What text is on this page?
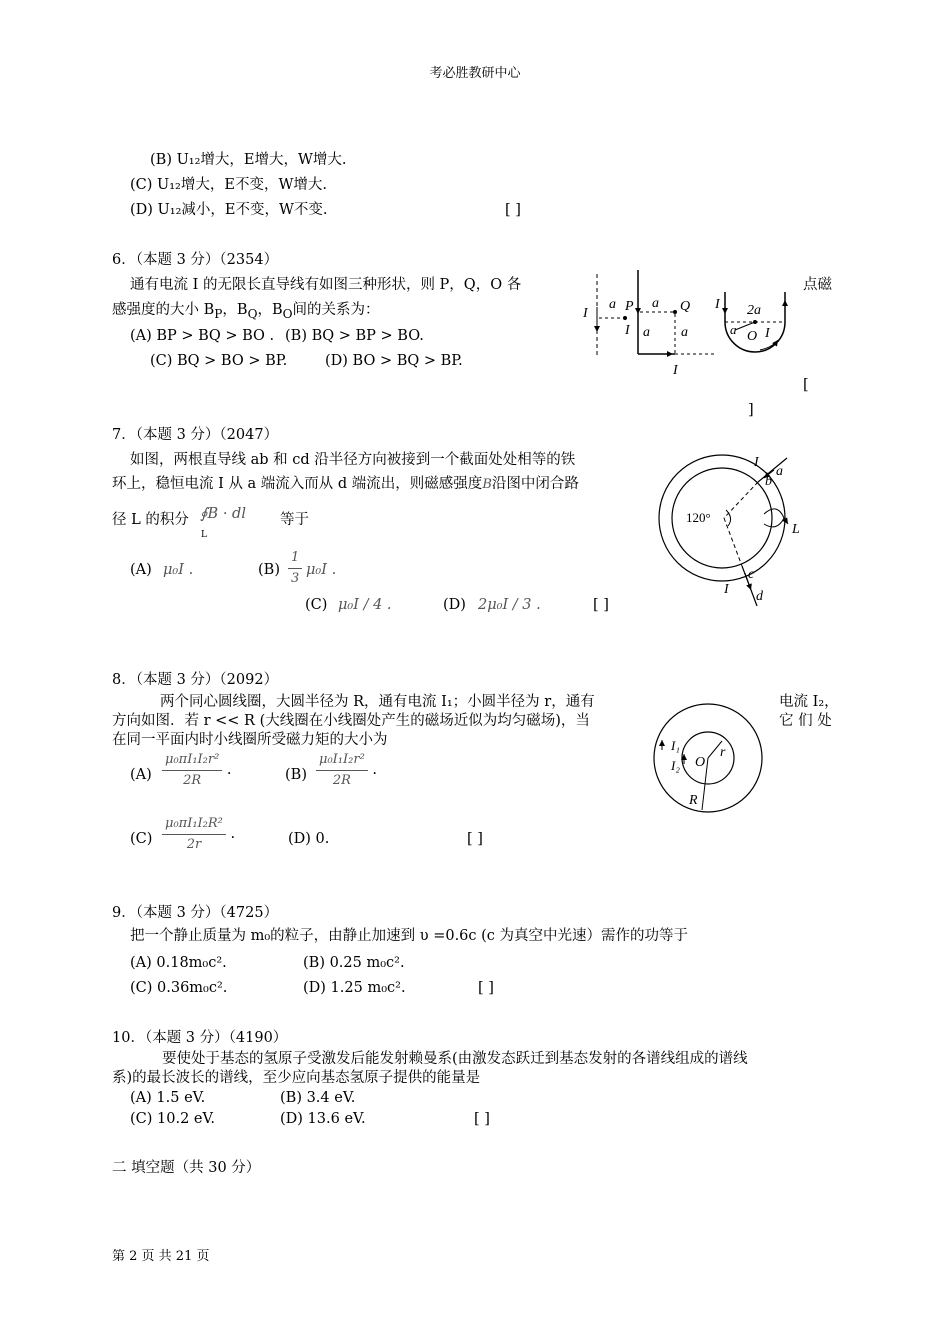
考必胜教研中心
(B) U₁₂增大，E增大，W增大.
(C) U₁₂增大，E不变，W增大.
(D) U₁₂减小，E不变，W不变.	[ ]
6．（本题 3 分）（2354）
通有电流 I 的无限长直导线有如图三种形状，则 P，Q，O 各	点磁
感强度的大小 $B_P$，$B_Q$，$B_O$间的关系为：
(A) BP > BQ > BO . (B) BQ > BP > BO.
(C) BQ > BO > BP.	(D) BO > BQ > BP.
[
]
I
a P
I
a Q
a a
I
I 2a
a O I
7．（本题 3 分）（2047）
如图，两根直导线 ab 和 cd 沿半径方向被接到一个截面处处相等的铁
环上，稳恒电流 I 从 a 端流入而从 d 端流出，则磁感强度B沿图中闭合路
径 L 的积分 ∮B · dl
L
等于
(A) μ₀I .	$(B) \frac{1}{3} \mu_0I$ .
(C) μ₀I / 4 .	(D) 2μ₀I / 3 .	[ ]
I
a
b
120°
L
c
I d
8．（本题 3 分）（2092）
两个同心圆线圈，大圆半径为 R，通有电流 I₁；小圆半径为 r，通有	电流 I₂，
方向如图．若 r << R (大线圈在小线圈处产生的磁场近似为均匀磁场)，当	它 们 处
在同一平面内时小线圈所受磁力矩的大小为
$(A) \frac{\text{μ₀πI₁I₂r²}}{2R}$ .	$(B) \frac{\text{μ₀I₁I₂r²}}{2R}$ .
$(C) \frac{\text{μ₀πI₁I₂R²}}{2r}$ .	(D) 0.	[ ]
I₁
I₂ O
r
R
9．（本题 3 分）（4725）
把一个静止质量为 m₀的粒子，由静止加速到 υ =0.6c (c 为真空中光速）需作的功等于
(A) 0.18m₀c².	(B) 0.25 m₀c².
(C) 0.36m₀c².	(D) 1.25 m₀c².	[ ]
10．（本题 3 分）（4190）
要使处于基态的氢原子受激发后能发射赖曼系(由激发态跃迁到基态发射的各谱线组成的谱线
系)的最长波长的谱线，至少应向基态氢原子提供的能量是
(A) 1.5 eV.	(B) 3.4 eV.
(C) 10.2 eV.	(D) 13.6 eV.	[ ]
二 填空题（共 30 分）
第 2 页 共 21 页
